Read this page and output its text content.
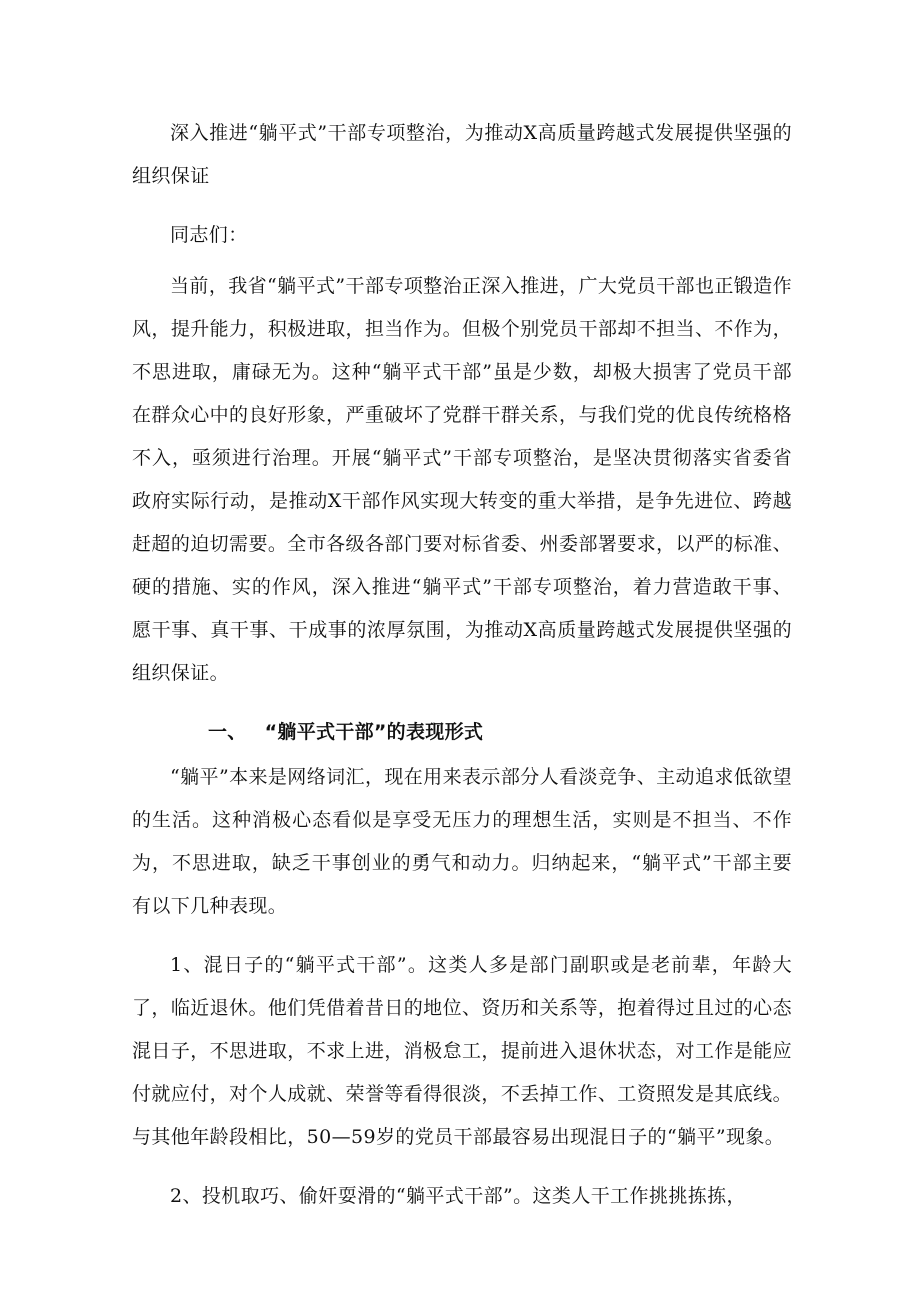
深入推进“躺平式”干部专项整治，为推动X高质量跨越式发展提供坚强的组织保证

同志们：

当前，我省“躺平式”干部专项整治正深入推进，广大党员干部也正锻造作风，提升能力，积极进取，担当作为。但极个别党员干部却不担当、不作为，不思进取，庸碌无为。这种“躺平式干部”虽是少数，却极大损害了党员干部在群众心中的良好形象，严重破坏了党群干群关系，与我们党的优良传统格格不入，亟须进行治理。开展“躺平式”干部专项整治，是坚决贯彻落实省委省政府实际行动，是推动X干部作风实现大转变的重大举措，是争先进位、跨越赶超的迫切需要。全市各级各部门要对标省委、州委部署要求，以严的标准、硬的措施、实的作风，深入推进“躺平式”干部专项整治，着力营造敢干事、愿干事、真干事、干成事的浓厚氛围，为推动X高质量跨越式发展提供坚强的组织保证。

一、 “躺平式干部”的表现形式

“躺平”本来是网络词汇，现在用来表示部分人看淡竞争、主动追求低欲望的生活。这种消极心态看似是享受无压力的理想生活，实则是不担当、不作为，不思进取，缺乏干事创业的勇气和动力。归纳起来，“躺平式”干部主要有以下几种表现。

1、混日子的“躺平式干部”。这类人多是部门副职或是老前辈，年龄大了，临近退休。他们凭借着昔日的地位、资历和关系等，抱着得过且过的心态混日子，不思进取，不求上进，消极怠工，提前进入退休状态，对工作是能应付就应付，对个人成就、荣誉等看得很淡，不丢掉工作、工资照发是其底线。与其他年龄段相比，50—59岁的党员干部最容易出现混日子的“躺平”现象。

2、投机取巧、偷奸耍滑的“躺平式干部”。这类人干工作挑挑拣拣，
